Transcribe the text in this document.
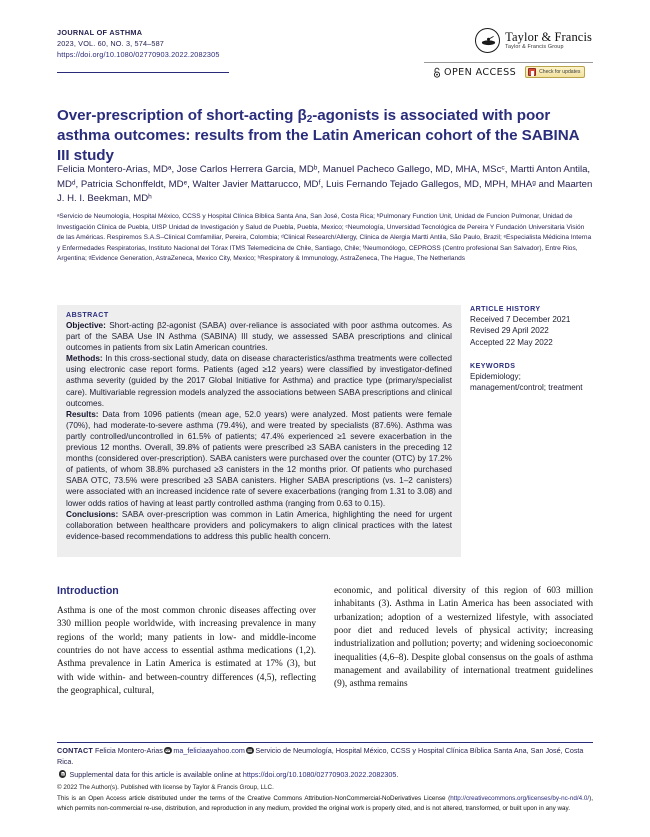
JOURNAL OF ASTHMA
2023, VOL. 60, NO. 3, 574–587
https://doi.org/10.1080/02770903.2022.2082305
Taylor & Francis
Taylor & Francis Group
OPEN ACCESS	Check for updates
Over-prescription of short-acting $\beta_2$-agonists is associated with poor asthma outcomes: results from the Latin American cohort of the SABINA III study
Felicia Montero-Arias, MDᵃ, Jose Carlos Herrera Garcia, MDᵇ, Manuel Pacheco Gallego, MD, MHA, MScᶜ, Martti Anton Antila, MDᵈ, Patricia Schonffeldt, MDᵉ, Walter Javier Mattarucco, MDᶠ, Luis Fernando Tejado Gallegos, MD, MPH, MHAᵍ and Maarten J. H. I. Beekman, MDʰ
ᵃServicio de Neumología, Hospital México, CCSS y Hospital Clínica Bíblica Santa Ana, San José, Costa Rica; ᵇPulmonary Function Unit, Unidad de Funcion Pulmonar, Unidad de Investigación Clinica de Puebla, UISP Unidad de Investigación y Salud de Puebla, Puebla, Mexico; ᶜNeumología, Unversidad Tecnológica de Pereira Y Fundación Universitaria Visión de las Américas. Respiremos S.A.S–Clinical Comfamiliar, Pereira, Colombia; ᵈClinical Research/Allergy, Clinica de Alergia Martti Antila, São Paulo, Brazil; ᵉEspecialista Médicina Interna y Enfermedades Respiratorias, Instituto Nacional del Tórax ITMS Telemedicina de Chile, Santiago, Chile; ᶠNeumonólogo, CEPROSS (Centro profesional San Salvador), Entre Rios, Argentina; ᵍEvidence Generation, AstraZeneca, Mexico City, Mexico; ʰRespiratory & Immunology, AstraZeneca, The Hague, The Netherlands
ABSTRACT

Objective: Short-acting β2-agonist (SABA) over-reliance is associated with poor asthma outcomes. As part of the SABA Use IN Asthma (SABINA) III study, we assessed SABA prescriptions and clinical outcomes in patients from six Latin American countries.

Methods: In this cross-sectional study, data on disease characteristics/asthma treatments were collected using electronic case report forms. Patients (aged ≥12 years) were classified by investigator-defined asthma severity (guided by the 2017 Global Initiative for Asthma) and practice type (primary/specialist care). Multivariable regression models analyzed the associations between SABA prescriptions and clinical outcomes.

Results: Data from 1096 patients (mean age, 52.0 years) were analyzed. Most patients were female (70%), had moderate-to-severe asthma (79.4%), and were treated by specialists (87.6%). Asthma was partly controlled/uncontrolled in 61.5% of patients; 47.4% experienced ≥1 severe exacerbation in the previous 12 months. Overall, 39.8% of patients were prescribed ≥3 SABA canisters in the preceding 12 months (considered over-prescription). SABA canisters were purchased over the counter (OTC) by 17.2% of patients, of whom 38.8% purchased ≥3 canisters in the 12 months prior. Of patients who purchased SABA OTC, 73.5% were prescribed ≥3 SABA canisters. Higher SABA prescriptions (vs. 1–2 canisters) were associated with an increased incidence rate of severe exacerbations (ranging from 1.31 to 3.08) and lower odds ratios of having at least partly controlled asthma (ranging from 0.63 to 0.15).

Conclusions: SABA over-prescription was common in Latin America, highlighting the need for urgent collaboration between healthcare providers and policymakers to align clinical practices with the latest evidence-based recommendations to address this public health concern.

ARTICLE HISTORY
Received 7 December 2021
Revised 29 April 2022
Accepted 22 May 2022
KEYWORDS
Epidemiology; management/control; treatment
Introduction

Asthma is one of the most common chronic diseases affecting over 330 million people worldwide, with increasing prevalence in many regions of the world; many patients in low- and middle-income countries do not have access to essential asthma medications (1,2). Asthma prevalence in Latin America is estimated at 17% (3), but with wide within- and between-country differences (4,5), reflecting the geographical, cultural,

economic, and political diversity of this region of 603 million inhabitants (3). Asthma in Latin America has been associated with urbanization; adoption of a westernized lifestyle, with associated poor diet and reduced levels of physical activity; increasing industrialization and pollution; poverty; and widening socioeconomic inequalities (4,6–8). Despite global consensus on the goals of asthma management and availability of international treatment guidelines (9), asthma remains

CONTACT Felicia Montero-Arias ma_feliciaayahoo.com Servicio de Neumología, Hospital México, CCSS y Hospital Clínica Bíblica Santa Ana, San José, Costa Rica.
Supplemental data for this article is available online at https://doi.org/10.1080/02770903.2022.2082305.
© 2022 The Author(s). Published with license by Taylor & Francis Group, LLC.
This is an Open Access article distributed under the terms of the Creative Commons Attribution-NonCommercial-NoDerivatives License (http://creativecommons.org/licenses/by-nc-nd/4.0/), which permits non-commercial re-use, distribution, and reproduction in any medium, provided the original work is properly cited, and is not altered, transformed, or built upon in any way.
